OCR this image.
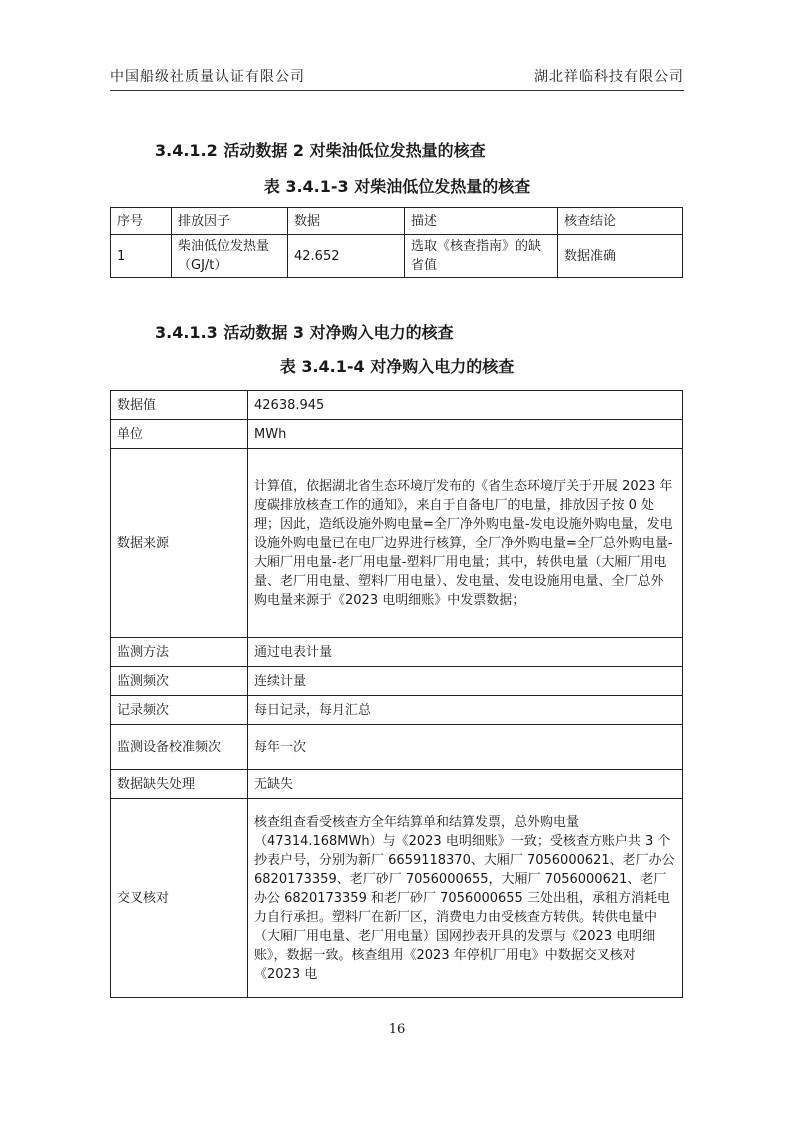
中国船级社质量认证有限公司	湖北祥临科技有限公司
3.4.1.2 活动数据 2 对柴油低位发热量的核查
表 3.4.1-3 对柴油低位发热量的核查
序号	排放因子	数据	描述	核查结论
1	柴油低位发热量（GJ/t）	42.652	选取《核查指南》的缺省值	数据准确
3.4.1.3 活动数据 3 对净购入电力的核查
表 3.4.1-4 对净购入电力的核查
数据值	42638.945
单位	MWh
数据来源	计算值，依据湖北省生态环境厅发布的《省生态环境厅关于开展 2023 年度碳排放核查工作的通知》，来自于自备电厂的电量，排放因子按 0 处理；因此，造纸设施外购电量=全厂净外购电量-发电设施外购电量，发电设施外购电量已在电厂边界进行核算，全厂净外购电量=全厂总外购电量-大厢厂用电量-老厂用电量-塑料厂用电量；其中，转供电量（大厢厂用电量、老厂用电量、塑料厂用电量）、发电量、发电设施用电量、全厂总外购电量来源于《2023 电明细账》中发票数据；
监测方法	通过电表计量
监测频次	连续计量
记录频次	每日记录，每月汇总
监测设备校准频次	每年一次
数据缺失处理	无缺失
交叉核对	核查组查看受核查方全年结算单和结算发票，总外购电量（47314.168MWh）与《2023 电明细账》一致；受核查方账户共 3 个抄表户号，分别为新厂 6659118370、大厢厂 7056000621、老厂办公 6820173359、老厂砂厂 7056000655，大厢厂 7056000621、老厂办公 6820173359 和老厂砂厂 7056000655 三处出租，承租方消耗电力自行承担。塑料厂在新厂区，消费电力由受核查方转供。转供电量中（大厢厂用电量、老厂用电量）国网抄表开具的发票与《2023 电明细账》，数据一致。核查组用《2023 年停机厂用电》中数据交叉核对《2023 电
16
